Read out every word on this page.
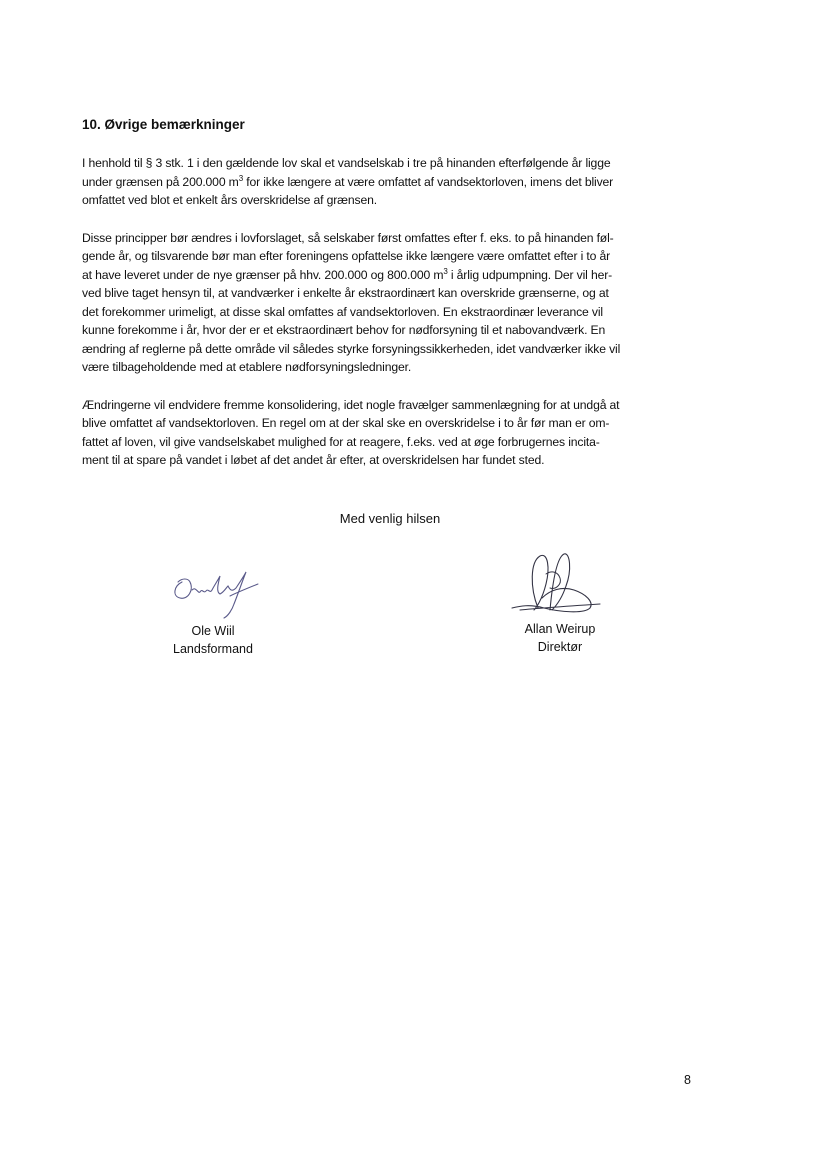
10. Øvrige bemærkninger

I henhold til § 3 stk. 1 i den gældende lov skal et vandselskab i tre på hinanden efterfølgende år ligge
under grænsen på 200.000 $m^3$ for ikke længere at være omfattet af vandsektorloven, imens det bliver
omfattet ved blot et enkelt års overskridelse af grænsen.

Disse principper bør ændres i lovforslaget, så selskaber først omfattes efter f. eks. to på hinanden føl-
gende år, og tilsvarende bør man efter foreningens opfattelse ikke længere være omfattet efter i to år
at have leveret under de nye grænser på hhv. 200.000 og 800.000 $m^3$ i årlig udpumpning. Der vil her-
ved blive taget hensyn til, at vandværker i enkelte år ekstraordinært kan overskride grænserne, og at
det forekommer urimeligt, at disse skal omfattes af vandsektorloven. En ekstraordinær leverance vil
kunne forekomme i år, hvor der er et ekstraordinært behov for nødforsyning til et nabovandværk. En
ændring af reglerne på dette område vil således styrke forsyningssikkerheden, idet vandværker ikke vil
være tilbageholdende med at etablere nødforsyningsledninger.

Ændringerne vil endvidere fremme konsolidering, idet nogle fravælger sammenlægning for at undgå at
blive omfattet af vandsektorloven. En regel om at der skal ske en overskridelse i to år før man er om-
fattet af loven, vil give vandselskabet mulighed for at reagere, f.eks. ved at øge forbrugernes incita-
ment til at spare på vandet i løbet af det andet år efter, at overskridelsen har fundet sted.

Med venlig hilsen
Ole Wiil
Landsformand
Allan Weirup
Direktør
8
